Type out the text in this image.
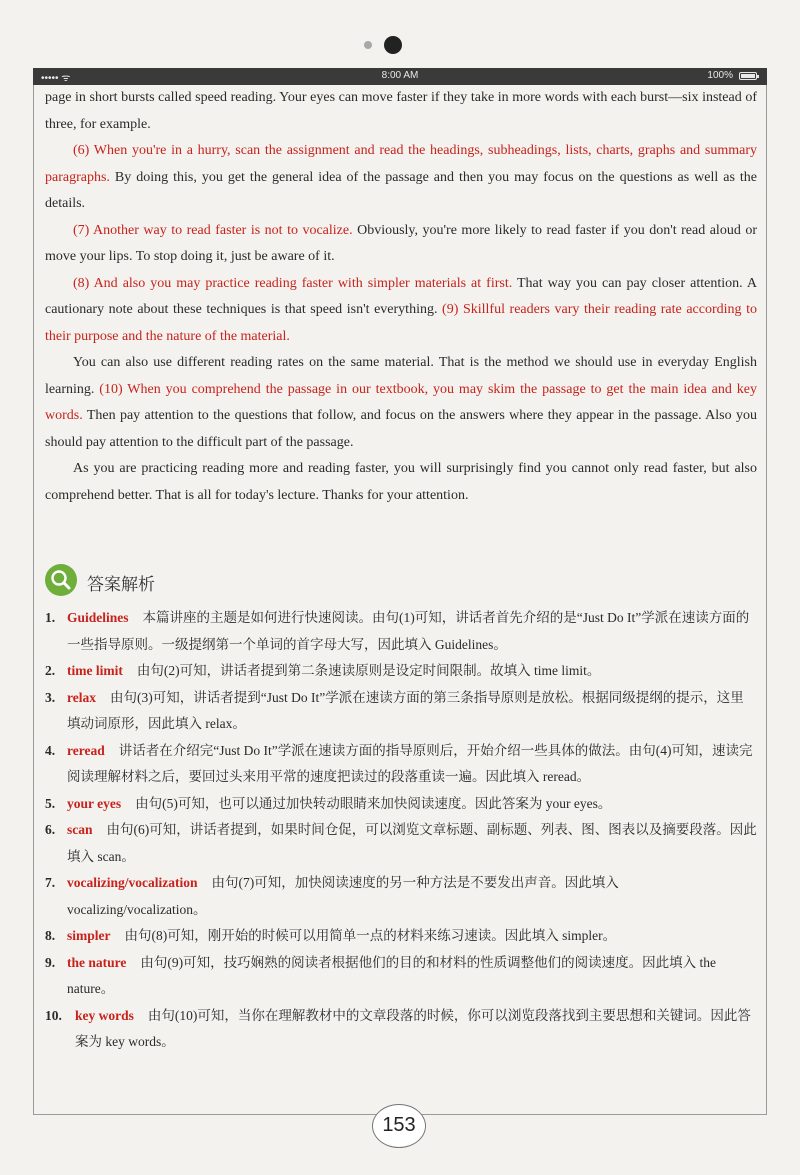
••••• ᯤ	8:00 AM	100%

page in short bursts called speed reading. Your eyes can move faster if they take in more words with each burst—six instead of three, for example.

(6) When you're in a hurry, scan the assignment and read the headings, subheadings, lists, charts, graphs and summary paragraphs. By doing this, you get the general idea of the passage and then you may focus on the questions as well as the details.

(7) Another way to read faster is not to vocalize. Obviously, you're more likely to read faster if you don't read aloud or move your lips. To stop doing it, just be aware of it.

(8) And also you may practice reading faster with simpler materials at first. That way you can pay closer attention. A cautionary note about these techniques is that speed isn't everything. (9) Skillful readers vary their reading rate according to their purpose and the nature of the material.

You can also use different reading rates on the same material. That is the method we should use in everyday English learning. (10) When you comprehend the passage in our textbook, you may skim the passage to get the main idea and key words. Then pay attention to the questions that follow, and focus on the answers where they appear in the passage. Also you should pay attention to the difficult part of the passage.

As you are practicing reading more and reading faster, you will surprisingly find you cannot only read faster, but also comprehend better. That is all for today's lecture. Thanks for your attention.

答案解析
1. Guidelines 本篇讲座的主题是如何进行快速阅读。由句(1)可知，讲话者首先介绍的是“Just Do It”学派在速读方面的一些指导原则。一级提纲第一个单词的首字母大写，因此填入 Guidelines。
2. time limit 由句(2)可知，讲话者提到第二条速读原则是设定时间限制。故填入 time limit。
3. relax 由句(3)可知，讲话者提到“Just Do It”学派在速读方面的第三条指导原则是放松。根据同级提纲的提示，这里填动词原形，因此填入 relax。
4. reread 讲话者在介绍完“Just Do It”学派在速读方面的指导原则后，开始介绍一些具体的做法。由句(4)可知，速读完阅读理解材料之后，要回过头来用平常的速度把读过的段落重读一遍。因此填入 reread。
5. your eyes 由句(5)可知，也可以通过加快转动眼睛来加快阅读速度。因此答案为 your eyes。
6. scan 由句(6)可知，讲话者提到，如果时间仓促，可以浏览文章标题、副标题、列表、图、图表以及摘要段落。因此填入 scan。
7. vocalizing/vocalization 由句(7)可知，加快阅读速度的另一种方法是不要发出声音。因此填入 vocalizing/vocalization。
8. simpler 由句(8)可知，刚开始的时候可以用简单一点的材料来练习速读。因此填入 simpler。
9. the nature 由句(9)可知，技巧娴熟的阅读者根据他们的目的和材料的性质调整他们的阅读速度。因此填入 the nature。
10. key words 由句(10)可知，当你在理解教材中的文章段落的时候，你可以浏览段落找到主要思想和关键词。因此答案为 key words。
153
